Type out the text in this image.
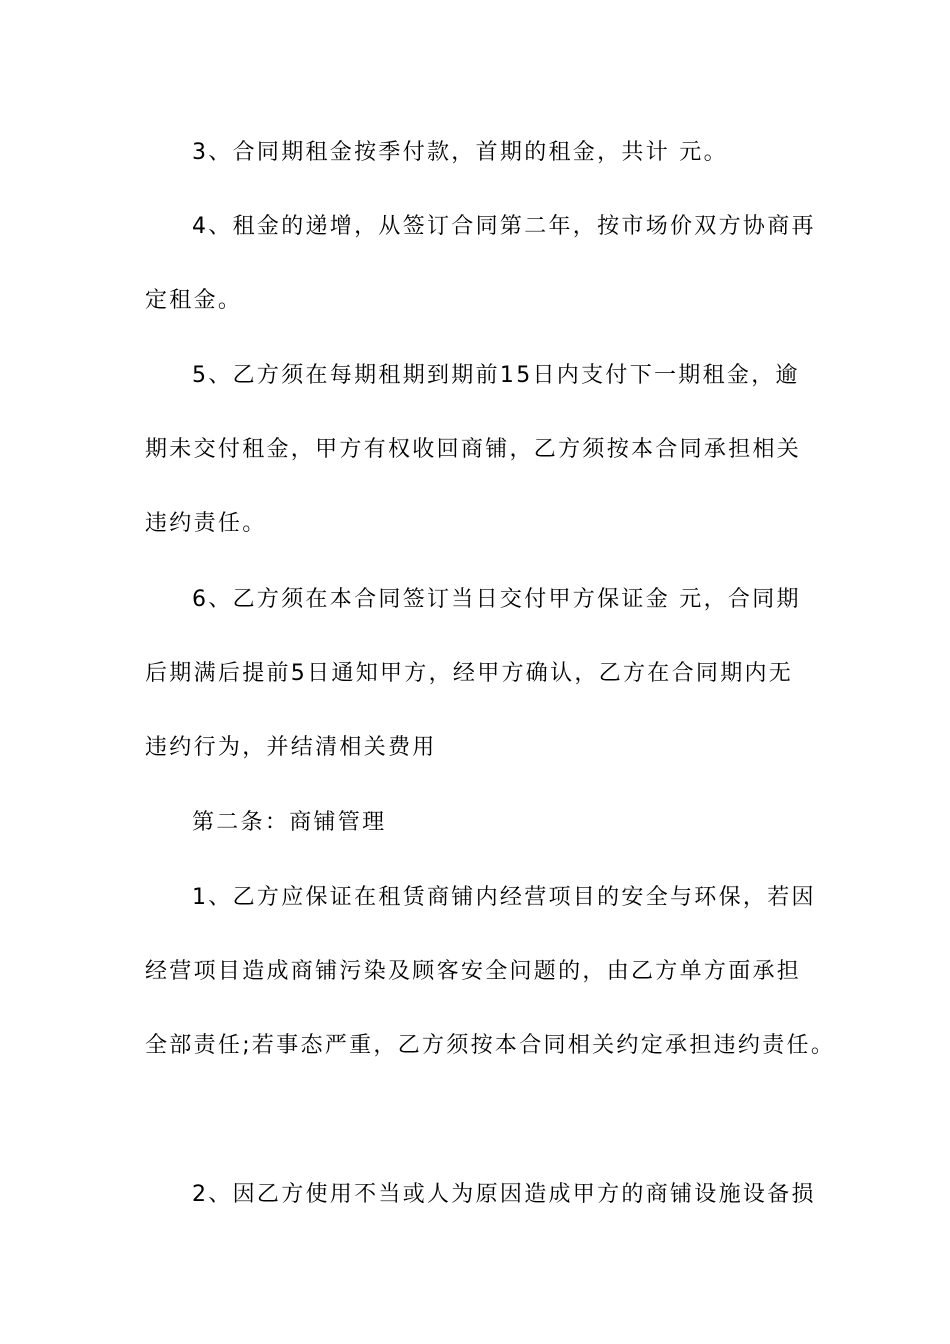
3、合同期租金按季付款，首期的租金，共计 元。
4、租金的递增，从签订合同第二年，按市场价双方协商再
定租金。
5、乙方须在每期租期到期前15日内支付下一期租金，逾
期未交付租金，甲方有权收回商铺，乙方须按本合同承担相关
违约责任。
6、乙方须在本合同签订当日交付甲方保证金 元，合同期
后期满后提前5日通知甲方，经甲方确认，乙方在合同期内无
违约行为，并结清相关费用
第二条：商铺管理
1、乙方应保证在租赁商铺内经营项目的安全与环保，若因
经营项目造成商铺污染及顾客安全问题的，由乙方单方面承担
全部责任;若事态严重，乙方须按本合同相关约定承担违约责任。
2、因乙方使用不当或人为原因造成甲方的商铺设施设备损
